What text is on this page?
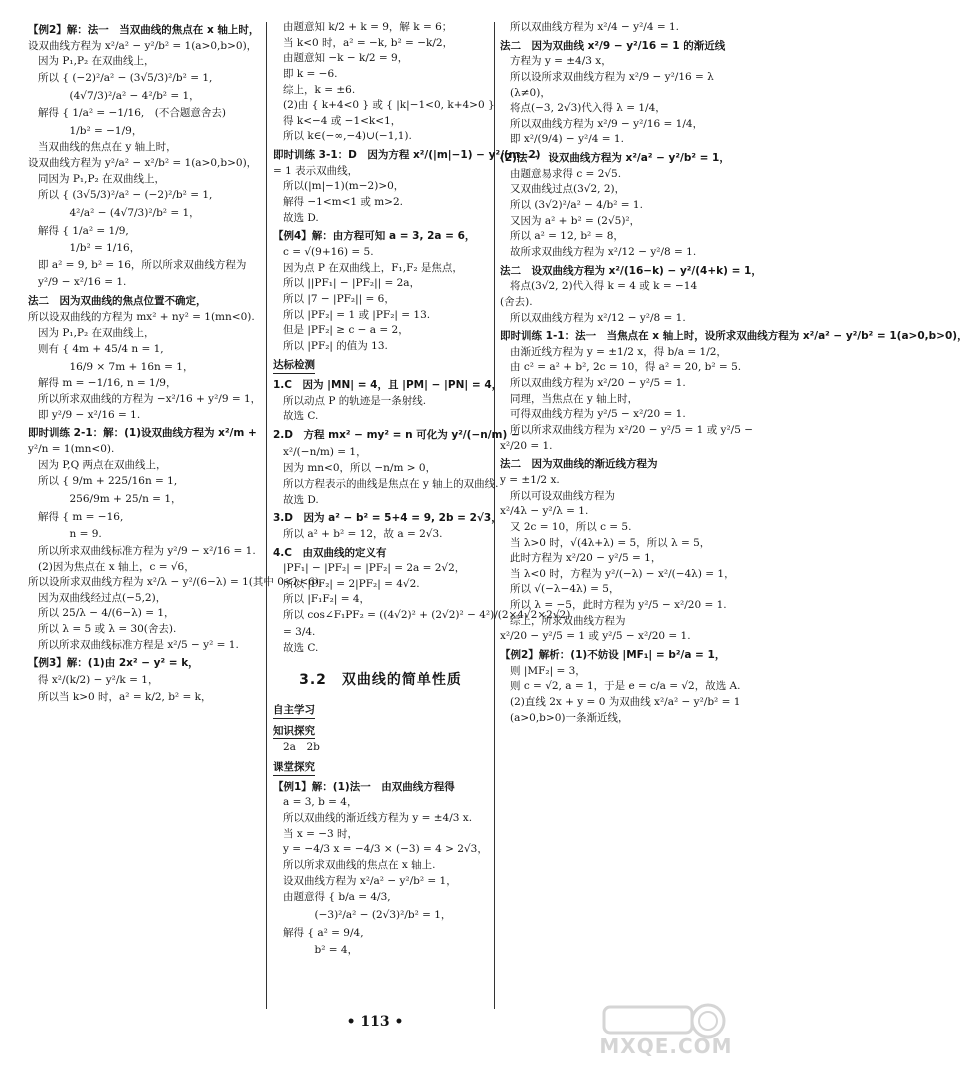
【例2】解：法一　当双曲线的焦点在 x 轴上时，

设双曲线方程为 x²/a² − y²/b² = 1(a>0,b>0)，

因为 P₁,P₂ 在双曲线上，

所以 { (−2)²/a² − (3√5/3)²/b² = 1,

　　　(4√7/3)²/a² − 4²/b² = 1，

解得 { 1/a² = −1/16,　(不合题意舍去)

　　　1/b² = −1/9，

当双曲线的焦点在 y 轴上时，

设双曲线方程为 y²/a² − x²/b² = 1(a>0,b>0)，

同因为 P₁,P₂ 在双曲线上，

所以 { (3√5/3)²/a² − (−2)²/b² = 1,

　　　4²/a² − (4√7/3)²/b² = 1，

解得 { 1/a² = 1/9,

　　　1/b² = 1/16，

即 a² = 9, b² = 16，所以所求双曲线方程为

y²/9 − x²/16 = 1.

法二　因为双曲线的焦点位置不确定，

所以设双曲线的方程为 mx² + ny² = 1(mn<0).

因为 P₁,P₂ 在双曲线上，

则有 { 4m + 45/4 n = 1,

　　　16/9 × 7m + 16n = 1，

解得 m = −1/16, n = 1/9，

所以所求双曲线的方程为 −x²/16 + y²/9 = 1，

即 y²/9 − x²/16 = 1.

即时训练 2-1：解：(1)设双曲线方程为 x²/m +

y²/n = 1(mn<0).

因为 P,Q 两点在双曲线上，

所以 { 9/m + 225/16n = 1,

　　　256/9m + 25/n = 1，

解得 { m = −16,

　　　n = 9.

所以所求双曲线标准方程为 y²/9 − x²/16 = 1.

(2)因为焦点在 x 轴上，c = √6，

所以设所求双曲线方程为 x²/λ − y²/(6−λ) = 1(其中 0<λ<6).

因为双曲线经过点(−5,2)，

所以 25/λ − 4/(6−λ) = 1，

所以 λ = 5 或 λ = 30(舍去).

所以所求双曲线标准方程是 x²/5 − y² = 1.

【例3】解：(1)由 2x² − y² = k，

得 x²/(k/2) − y²/k = 1，

所以当 k>0 时，a² = k/2, b² = k，

由题意知 k/2 + k = 9，解 k = 6；

当 k<0 时，a² = −k, b² = −k/2，

由题意知 −k − k/2 = 9，

即 k = −6.

综上，k = ±6.

(2)由 { k+4<0 } 或 { |k|−1<0, k+4>0 }

得 k<−4 或 −1<k<1，

所以 k∈(−∞,−4)∪(−1,1).

即时训练 3-1：D　因为方程 x²/(|m|−1) − y²/(m−2)

= 1 表示双曲线，

所以(|m|−1)(m−2)>0，

解得 −1<m<1 或 m>2.

故选 D.

【例4】解：由方程可知 a = 3, 2a = 6，

c = √(9+16) = 5.

因为点 P 在双曲线上，F₁,F₂ 是焦点，

所以 ||PF₁| − |PF₂|| = 2a，

所以 |7 − |PF₂|| = 6，

所以 |PF₂| = 1 或 |PF₂| = 13.

但是 |PF₂| ≥ c − a = 2，

所以 |PF₂| 的值为 13.

达标检测

1.C　因为 |MN| = 4，且 |PM| − |PN| = 4，

所以动点 P 的轨迹是一条射线.

故选 C.

2.D　方程 mx² − my² = n 可化为 y²/(−n/m) −

x²/(−n/m) = 1，

因为 mn<0，所以 −n/m > 0，

所以方程表示的曲线是焦点在 y 轴上的双曲线.

故选 D.

3.D　因为 a² − b² = 5+4 = 9, 2b = 2√3，

所以 a² + b² = 12，故 a = 2√3.

4.C　由双曲线的定义有

|PF₁| − |PF₂| = |PF₂| = 2a = 2√2，

所以 |PF₂| = 2|PF₂| = 4√2.

所以 |F₁F₂| = 4，

所以 cos∠F₁PF₂ = ((4√2)² + (2√2)² − 4²)/(2×4√2×2√2)

= 3/4.

故选 C.

3.2　双曲线的简单性质

自主学习

知识探究

2a　2b

课堂探究

【例1】解：(1)法一　由双曲线方程得

a = 3, b = 4，

所以双曲线的渐近线方程为 y = ±4/3 x.

当 x = −3 时，

y = −4/3 x = −4/3 × (−3) = 4 > 2√3，

所以所求双曲线的焦点在 x 轴上.

设双曲线方程为 x²/a² − y²/b² = 1，

由题意得 { b/a = 4/3,

　　　(−3)²/a² − (2√3)²/b² = 1，

解得 { a² = 9/4,

　　　b² = 4，

所以双曲线方程为 x²/4 − y²/4 = 1.

法二　因为双曲线 x²/9 − y²/16 = 1 的渐近线

方程为 y = ±4/3 x，

所以设所求双曲线方程为 x²/9 − y²/16 = λ

(λ≠0)，

将点(−3, 2√3)代入得 λ = 1/4，

所以双曲线方程为 x²/9 − y²/16 = 1/4，

即 x²/(9/4) − y²/4 = 1.

(2)法一　设双曲线方程为 x²/a² − y²/b² = 1，

由题意易求得 c = 2√5.

又双曲线过点(3√2, 2)，

所以 (3√2)²/a² − 4/b² = 1.

又因为 a² + b² = (2√5)²，

所以 a² = 12, b² = 8，

故所求双曲线方程为 x²/12 − y²/8 = 1.

法二　设双曲线方程为 x²/(16−k) − y²/(4+k) = 1，

将点(3√2, 2)代入得 k = 4 或 k = −14

(舍去).

所以双曲线方程为 x²/12 − y²/8 = 1.

即时训练 1-1：法一　当焦点在 x 轴上时，设所求双曲线方程为 x²/a² − y²/b² = 1(a>0,b>0)，

由渐近线方程为 y = ±1/2 x，得 b/a = 1/2，

由 c² = a² + b², 2c = 10，得 a² = 20, b² = 5.

所以双曲线方程为 x²/20 − y²/5 = 1.

同理，当焦点在 y 轴上时，

可得双曲线方程为 y²/5 − x²/20 = 1.

所以所求双曲线方程为 x²/20 − y²/5 = 1 或 y²/5 −

x²/20 = 1.

法二　因为双曲线的渐近线方程为

y = ±1/2 x.

所以可设双曲线方程为

x²/4λ − y²/λ = 1.

又 2c = 10，所以 c = 5.

当 λ>0 时，√(4λ+λ) = 5，所以 λ = 5，

此时方程为 x²/20 − y²/5 = 1，

当 λ<0 时，方程为 y²/(−λ) − x²/(−4λ) = 1，

所以 √(−λ−4λ) = 5，

所以 λ = −5，此时方程为 y²/5 − x²/20 = 1.

综上，所求双曲线方程为

x²/20 − y²/5 = 1 或 y²/5 − x²/20 = 1.

【例2】解析：(1)不妨设 |MF₁| = b²/a = 1，

则 |MF₂| = 3，

则 c = √2, a = 1，于是 e = c/a = √2，故选 A.

(2)直线 2x + y = 0 为双曲线 x²/a² − y²/b² = 1

(a>0,b>0)一条渐近线，

• 113 •
MXQE.COM
